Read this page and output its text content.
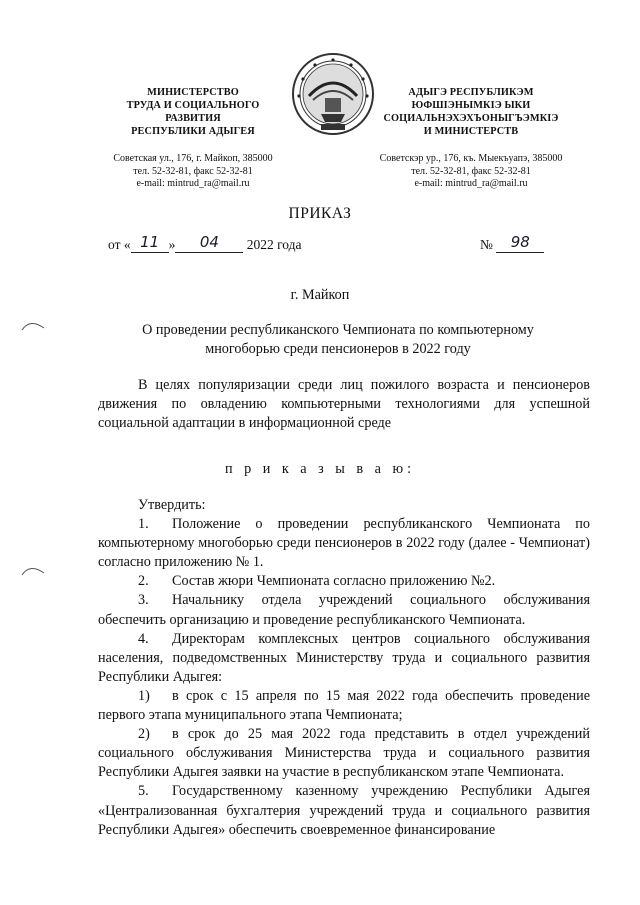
МИНИСТЕРСТВО
ТРУДА И СОЦИАЛЬНОГО
РАЗВИТИЯ
РЕСПУБЛИКИ АДЫГЕЯ
Советская ул., 176, г. Майкоп, 385000
тел. 52-32-81, факс 52-32-81
e-mail: mintrud_ra@mail.ru
АДЫГЭ РЕСПУБЛИКЭМ
ЮФШІЭНЫМКІЭ ЫКИ
СОЦИАЛЬНЭХЭХЪОНЫГЪЭМКІЭ
И МИНИСТЕРСТВ
Советскэр ур., 176, къ. Мыекъуапэ, 385000
тел. 52-32-81, факс 52-32-81
e-mail: mintrud_ra@mail.ru
ПРИКАЗ
от « 11 » 04 2022 года	№ 98
г. Майкоп
О проведении республиканского Чемпионата по компьютерному
многоборью среди пенсионеров в 2022 году
В целях популяризации среди лиц пожилого возраста и пенсионеров движения по овладению компьютерными технологиями для успешной социальной адаптации в информационной среде
п р и к а з ы в а ю:

Утвердить:

1. Положение о проведении республиканского Чемпионата по компьютерному многоборью среди пенсионеров в 2022 году (далее - Чемпионат) согласно приложению № 1.

2. Состав жюри Чемпионата согласно приложению №2.

3. Начальнику отдела учреждений социального обслуживания обеспечить организацию и проведение республиканского Чемпионата.

4. Директорам комплексных центров социального обслуживания населения, подведомственных Министерству труда и социального развития Республики Адыгея:

1) в срок с 15 апреля по 15 мая 2022 года обеспечить проведение первого этапа муниципального этапа Чемпионата;

2) в срок до 25 мая 2022 года представить в отдел учреждений социального обслуживания Министерства труда и социального развития Республики Адыгея заявки на участие в республиканском этапе Чемпионата.

5. Государственному казенному учреждению Республики Адыгея «Централизованная бухгалтерия учреждений труда и социального развития Республики Адыгея» обеспечить своевременное финансирование
